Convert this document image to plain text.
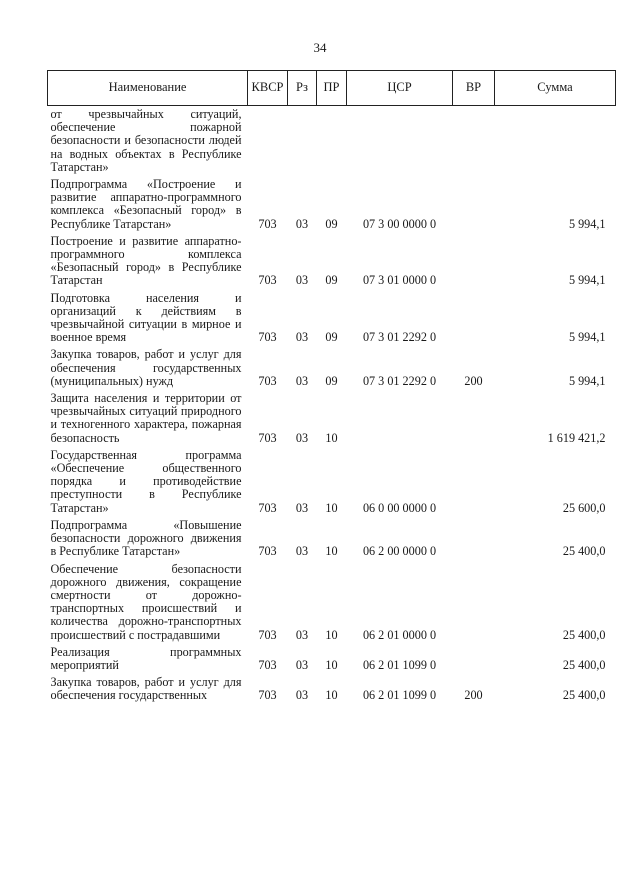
34
Наименование	КВСР	Рз	ПР	ЦСР	ВР	Сумма
от чрезвычайных ситуаций, обеспечение пожарной безопасности и безопасности людей на водных объектах в Республике Татарстан»						
Подпрограмма «Построение и развитие аппаратно-программного комплекса «Безопасный город» в Республике Татарстан»	703	03	09	07 3 00 0000 0		5 994,1
Построение и развитие аппаратно-программного комплекса «Безопасный город» в Республике Татарстан	703	03	09	07 3 01 0000 0		5 994,1
Подготовка населения и организаций к действиям в чрезвычайной ситуации в мирное и военное время	703	03	09	07 3 01 2292 0		5 994,1
Закупка товаров, работ и услуг для обеспечения государственных (муниципальных) нужд	703	03	09	07 3 01 2292 0	200	5 994,1
Защита населения и территории от чрезвычайных ситуаций природного и техногенного характера, пожарная безопасность	703	03	10			1 619 421,2
Государственная программа «Обеспечение общественного порядка и противодействие преступности в Республике Татарстан»	703	03	10	06 0 00 0000 0		25 600,0
Подпрограмма «Повышение безопасности дорожного движения в Республике Татарстан»	703	03	10	06 2 00 0000 0		25 400,0
Обеспечение безопасности дорожного движения, сокращение смертности от дорожно-транспортных происшествий и количества дорожно-транспортных происшествий с пострадавшими	703	03	10	06 2 01 0000 0		25 400,0
Реализация программных мероприятий	703	03	10	06 2 01 1099 0		25 400,0
Закупка товаров, работ и услуг для обеспечения государственных	703	03	10	06 2 01 1099 0	200	25 400,0
